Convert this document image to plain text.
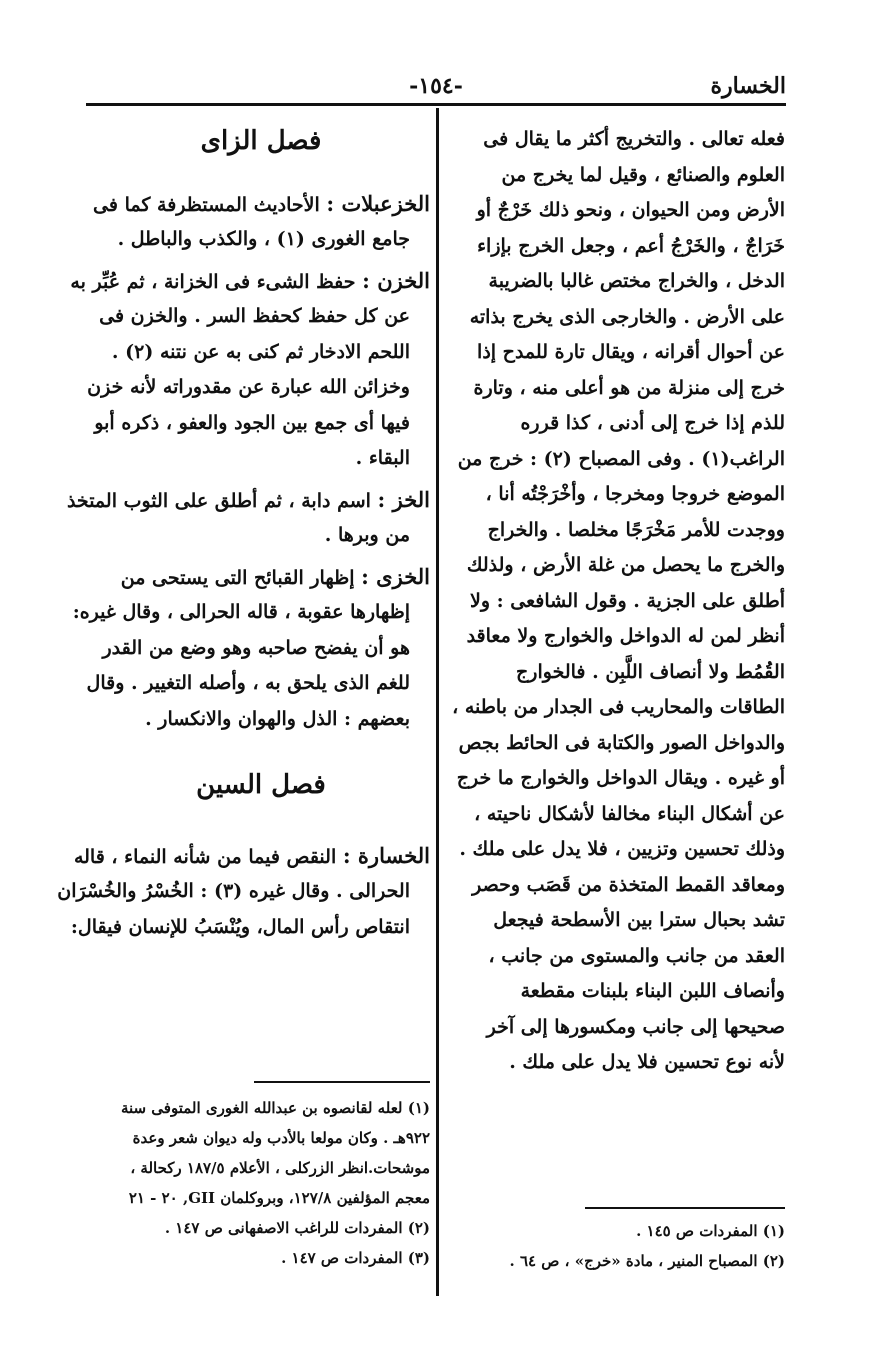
الخسارة
-١٥٤-
فعله تعالى . والتخريج أكثر ما يقال فى
العلوم والصنائع ، وقيل لما يخرج من
الأرض ومن الحيوان ، ونحو ذلك خَرْجٌ أو
خَرَاجٌ ، والخَرْجُ أعم ، وجعل الخرج بإزاء
الدخل ، والخراج مختص غالبا بالضريبة
على الأرض . والخارجى الذى يخرج بذاته
عن أحوال أقرانه ، ويقال تارة للمدح إذا
خرج إلى منزلة من هو أعلى منه ، وتارة
للذم إذا خرج إلى أدنى ، كذا قرره
الراغب(١) . وفى المصباح (٢) : خرج من
الموضع خروجا ومخرجا ، وأخْرَجْتُه أنا ،
ووجدت للأمر مَخْرَجًا مخلصا . والخراج
والخرج ما يحصل من غلة الأرض ، ولذلك
أطلق على الجزية . وقول الشافعى : ولا
أنظر لمن له الدواخل والخوارج ولا معاقد
القُمُط ولا أنصاف اللَّبِن . فالخوارج
الطاقات والمحاريب فى الجدار من باطنه ،
والدواخل الصور والكتابة فى الحائط بجص
أو غيره . ويقال الدواخل والخوارج ما خرج
عن أشكال البناء مخالفا لأشكال ناحيته ،
وذلك تحسين وتزيين ، فلا يدل على ملك .
ومعاقد القمط المتخذة من قَصَب وحصر
تشد بحبال سترا بين الأسطحة فيجعل
العقد من جانب والمستوى من جانب ،
وأنصاف اللبن البناء بلبنات مقطعة
صحيحها إلى جانب ومكسورها إلى آخر
لأنه نوع تحسين فلا يدل على ملك .
(١) المفردات ص ١٤٥ .
(٢) المصباح المنير ، مادة «خرج» ، ص ٦٤ .
فصل الزاى

الخزعبلات : الأحاديث المستظرفة كما فى
جامع الغورى (١) ، والكذب والباطل .

الخزن : حفظ الشىء فى الخزانة ، ثم عُبِّر به
عن كل حفظ كحفظ السر . والخزن فى
اللحم الادخار ثم كنى به عن نتنه (٢) .
وخزائن الله عبارة عن مقدوراته لأنه خزن
فيها أى جمع بين الجود والعفو ، ذكره أبو
البقاء .

الخز : اسم دابة ، ثم أطلق على الثوب المتخذ
من وبرها .

الخزى : إظهار القبائح التى يستحى من
إظهارها عقوبة ، قاله الحرالى ، وقال غيره:
هو أن يفضح صاحبه وهو وضع من القدر
للغم الذى يلحق به ، وأصله التغيير . وقال
بعضهم : الذل والهوان والانكسار .

فصل السين

الخسارة : النقص فيما من شأنه النماء ، قاله
الحرالى . وقال غيره (٣) : الخُسْرُ والخُسْرَان
انتقاص رأس المال، ويُنْسَبُ للإنسان فيقال:

(١) لعله لقانصوه بن عبدالله الغورى المتوفى سنة
٩٢٢هـ . وكان مولعا بالأدب وله ديوان شعر وعدة
موشحات.انظر الزركلى ، الأعلام ١٨٧/٥ ركحالة ،
معجم المؤلفين ١٢٧/٨، وبروكلمان GII, ٢٠ - ٢١
(٢) المفردات للراغب الاصفهانى ص ١٤٧ .
(٣) المفردات ص ١٤٧ .
